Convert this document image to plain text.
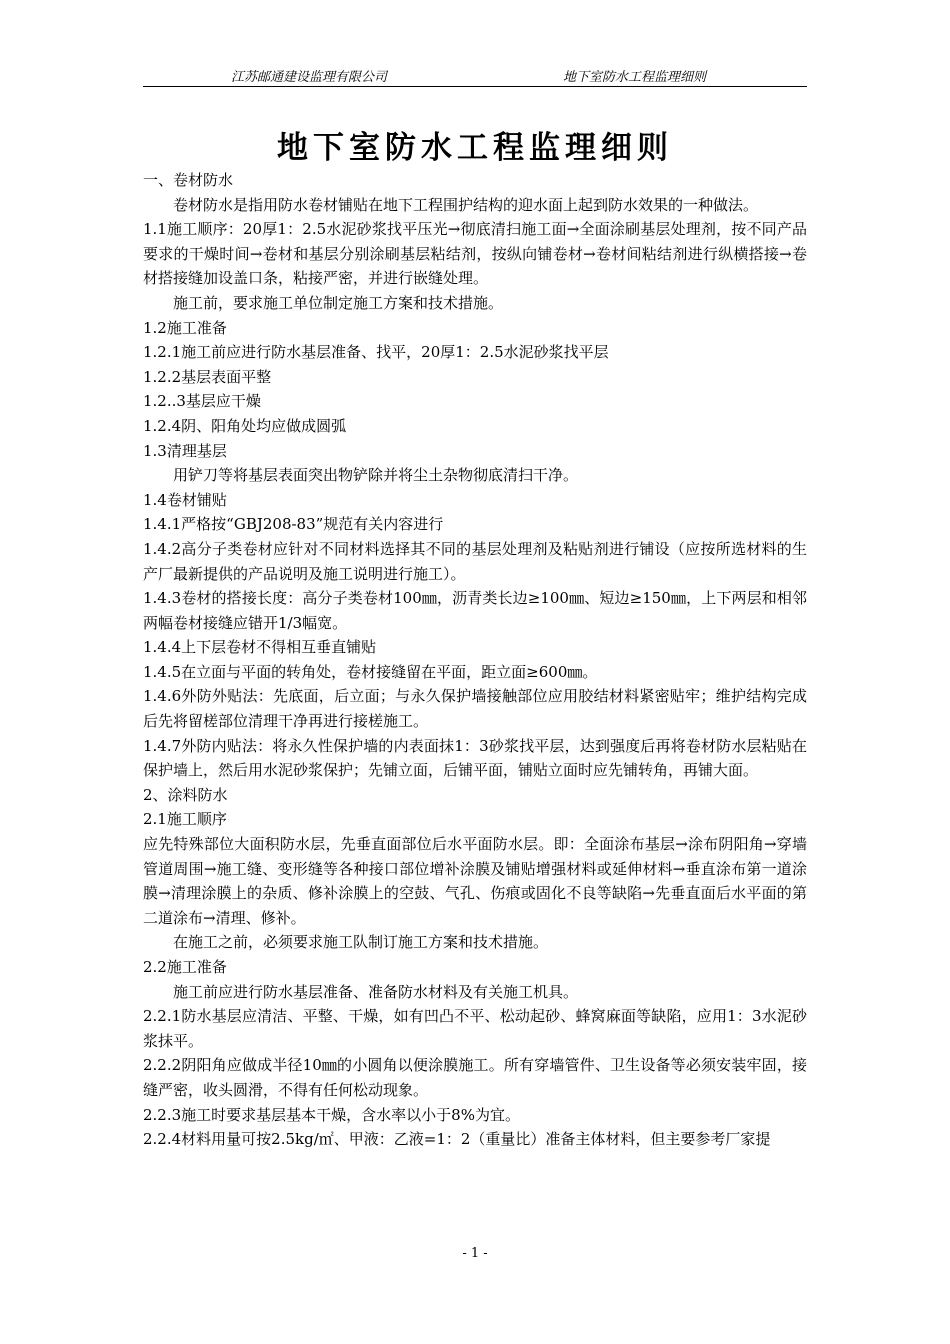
江苏邮通建设监理有限公司	地下室防水工程监理细则
地下室防水工程监理细则

一、卷材防水

卷材防水是指用防水卷材铺贴在地下工程围护结构的迎水面上起到防水效果的一种做法。

1.1施工顺序：20厚1：2.5水泥砂浆找平压光→彻底清扫施工面→全面涂刷基层处理剂，按不同产品要求的干燥时间→卷材和基层分别涂刷基层粘结剂，按纵向铺卷材→卷材间粘结剂进行纵横搭接→卷材搭接缝加设盖口条，粘接严密，并进行嵌缝处理。

施工前，要求施工单位制定施工方案和技术措施。

1.2施工准备

1.2.1施工前应进行防水基层准备、找平，20厚1：2.5水泥砂浆找平层

1.2.2基层表面平整

1.2..3基层应干燥

1.2.4阴、阳角处均应做成圆弧

1.3清理基层

用铲刀等将基层表面突出物铲除并将尘土杂物彻底清扫干净。

1.4卷材铺贴

1.4.1严格按“GBJ208-83”规范有关内容进行

1.4.2高分子类卷材应针对不同材料选择其不同的基层处理剂及粘贴剂进行铺设（应按所选材料的生产厂最新提供的产品说明及施工说明进行施工）。

1.4.3卷材的搭接长度：高分子类卷材100㎜，沥青类长边≥100㎜、短边≥150㎜，上下两层和相邻两幅卷材接缝应错开1/3幅宽。

1.4.4上下层卷材不得相互垂直铺贴

1.4.5在立面与平面的转角处，卷材接缝留在平面，距立面≥600㎜。

1.4.6外防外贴法：先底面，后立面；与永久保护墙接触部位应用胶结材料紧密贴牢；维护结构完成后先将留槎部位清理干净再进行接槎施工。

1.4.7外防内贴法：将永久性保护墙的内表面抹1：3砂浆找平层，达到强度后再将卷材防水层粘贴在保护墙上，然后用水泥砂浆保护；先铺立面，后铺平面，铺贴立面时应先铺转角，再铺大面。

2、涂料防水

2.1施工顺序

应先特殊部位大面积防水层，先垂直面部位后水平面防水层。即：全面涂布基层→涂布阴阳角→穿墙管道周围→施工缝、变形缝等各种接口部位增补涂膜及铺贴增强材料或延伸材料→垂直涂布第一道涂膜→清理涂膜上的杂质、修补涂膜上的空鼓、气孔、伤痕或固化不良等缺陷→先垂直面后水平面的第二道涂布→清理、修补。

在施工之前，必须要求施工队制订施工方案和技术措施。

2.2施工准备

施工前应进行防水基层准备、准备防水材料及有关施工机具。

2.2.1防水基层应清洁、平整、干燥，如有凹凸不平、松动起砂、蜂窝麻面等缺陷，应用1：3水泥砂浆抹平。

2.2.2阴阳角应做成半径10㎜的小圆角以便涂膜施工。所有穿墙管件、卫生设备等必须安装牢固，接缝严密，收头圆滑，不得有任何松动现象。

2.2.3施工时要求基层基本干燥，含水率以小于8%为宜。

2.2.4材料用量可按2.5kg/㎡、甲液：乙液=1：2（重量比）准备主体材料，但主要参考厂家提

- 1 -
